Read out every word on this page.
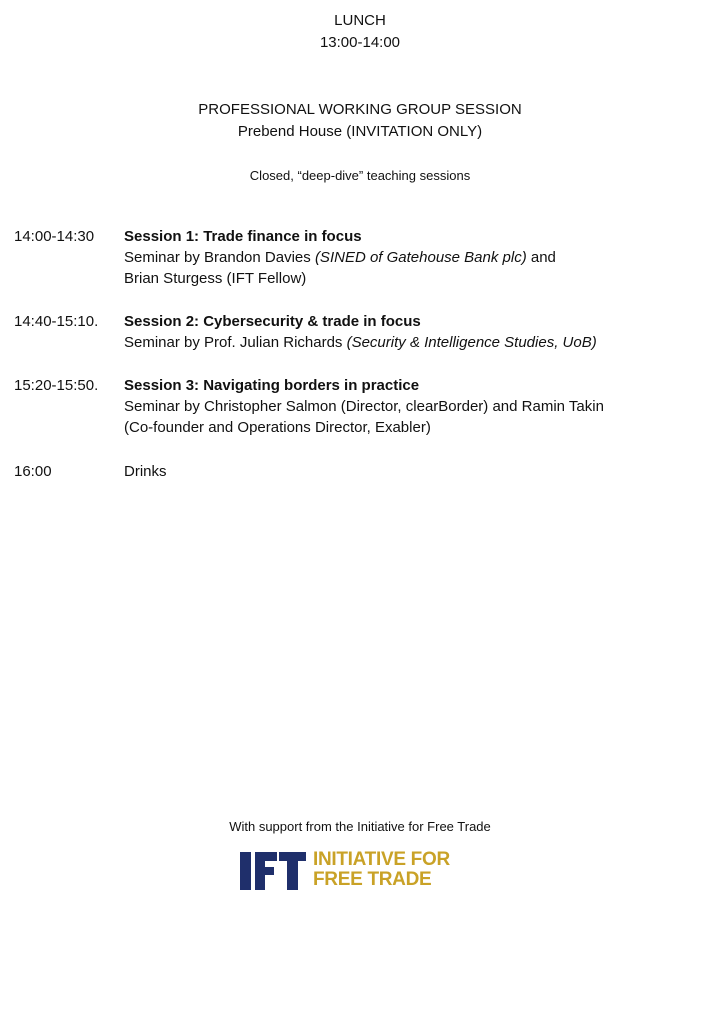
LUNCH
13:00-14:00
PROFESSIONAL WORKING GROUP SESSION
Prebend House (INVITATION ONLY)
Closed, “deep-dive” teaching sessions
14:00-14:30	Session 1: Trade finance in focus
Seminar by Brandon Davies (SINED of Gatehouse Bank plc) and
Brian Sturgess (IFT Fellow)
14:40-15:10.	Session 2: Cybersecurity & trade in focus
Seminar by Prof. Julian Richards (Security & Intelligence Studies, UoB)
15:20-15:50.	Session 3: Navigating borders in practice
Seminar by Christopher Salmon (Director, clearBorder) and Ramin Takin
(Co-founder and Operations Director, Exabler)
16:00	Drinks
With support from the Initiative for Free Trade
INITIATIVE FOR
FREE TRADE
